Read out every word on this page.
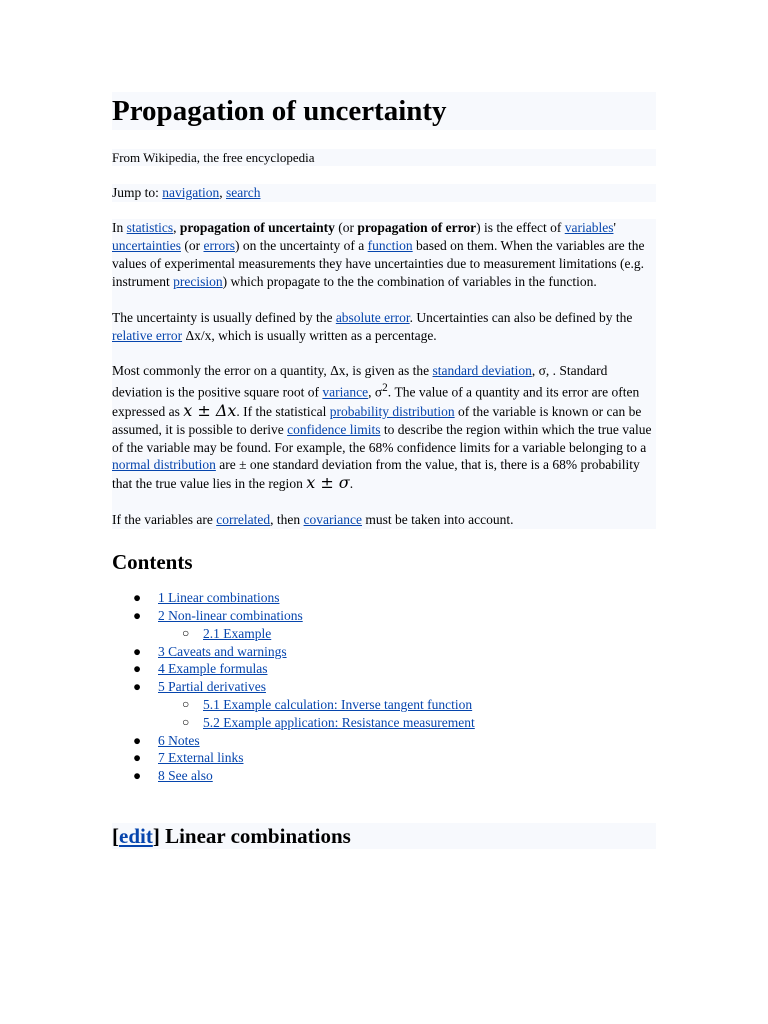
Propagation of uncertainty
From Wikipedia, the free encyclopedia
Jump to: navigation, search

In statistics, propagation of uncertainty (or propagation of error) is the effect of variables' uncertainties (or errors) on the uncertainty of a function based on them. When the variables are the values of experimental measurements they have uncertainties due to measurement limitations (e.g. instrument precision) which propagate to the the combination of variables in the function.

The uncertainty is usually defined by the absolute error. Uncertainties can also be defined by the relative error Δx/x, which is usually written as a percentage.

Most commonly the error on a quantity, Δx, is given as the standard deviation, σ, . Standard deviation is the positive square root of variance, $\sigma^2$. The value of a quantity and its error are often expressed as x ± Δx. If the statistical probability distribution of the variable is known or can be assumed, it is possible to derive confidence limits to describe the region within which the true value of the variable may be found. For example, the 68% confidence limits for a variable belonging to a normal distribution are ± one standard deviation from the value, that is, there is a 68% probability that the true value lies in the region x ± σ.

If the variables are correlated, then covariance must be taken into account.

Contents
● 1 Linear combinations
● 2 Non-linear combinations
○ 2.1 Example
● 3 Caveats and warnings
● 4 Example formulas
● 5 Partial derivatives
○ 5.1 Example calculation: Inverse tangent function
○ 5.2 Example application: Resistance measurement
● 6 Notes
● 7 External links
● 8 See also
[edit] Linear combinations
